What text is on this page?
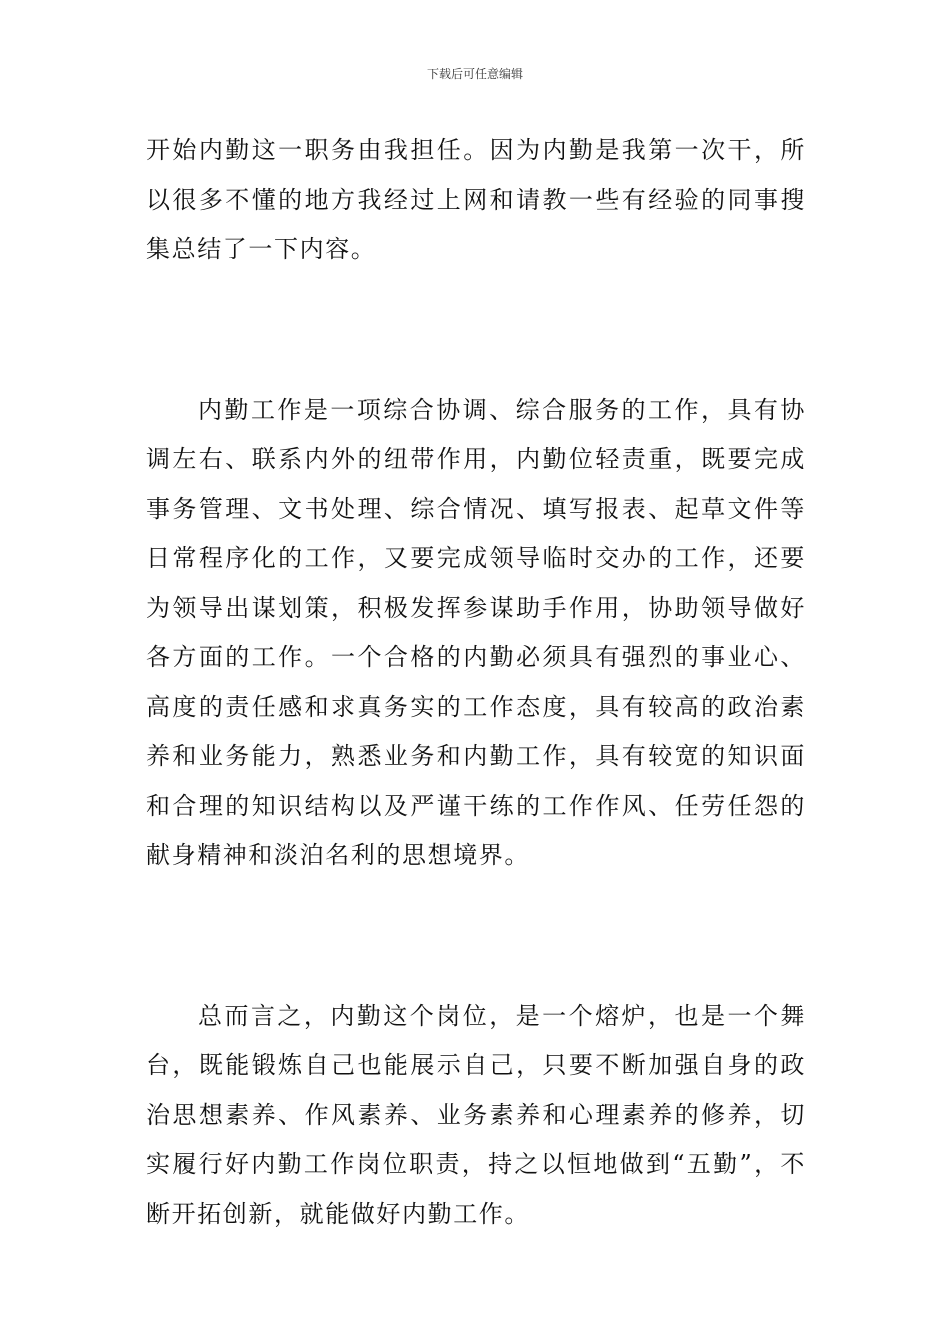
下载后可任意编辑

开始内勤这一职务由我担任。因为内勤是我第一次干，所以很多不懂的地方我经过上网和请教一些有经验的同事搜集总结了一下内容。

内勤工作是一项综合协调、综合服务的工作，具有协调左右、联系内外的纽带作用，内勤位轻责重，既要完成事务管理、文书处理、综合情况、填写报表、起草文件等日常程序化的工作，又要完成领导临时交办的工作，还要为领导出谋划策，积极发挥参谋助手作用，协助领导做好各方面的工作。一个合格的内勤必须具有强烈的事业心、高度的责任感和求真务实的工作态度，具有较高的政治素养和业务能力，熟悉业务和内勤工作，具有较宽的知识面和合理的知识结构以及严谨干练的工作作风、任劳任怨的献身精神和淡泊名利的思想境界。

总而言之，内勤这个岗位，是一个熔炉，也是一个舞台，既能锻炼自己也能展示自己，只要不断加强自身的政治思想素养、作风素养、业务素养和心理素养的修养，切实履行好内勤工作岗位职责，持之以恒地做到“五勤”，不断开拓创新，就能做好内勤工作。
